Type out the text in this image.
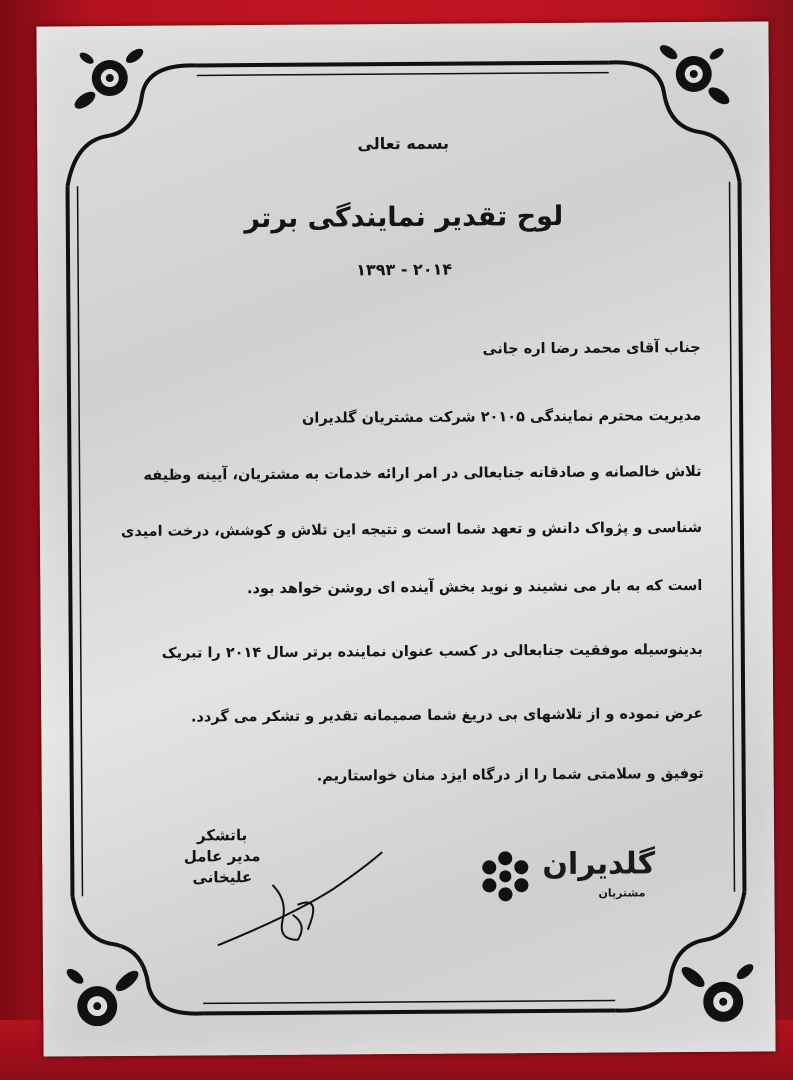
بسمه تعالی
لوح تقدیر نمایندگی برتر
۲۰۱۴ - ۱۳۹۳
جناب آقای محمد رضا اره جانی
مدیریت محترم نمایندگی ۲۰۱۰۵ شرکت مشتریان گلدیران
تلاش خالصانه و صادقانه جنابعالی در امر ارائه خدمات به مشتریان، آیینه وظیفه
شناسی و پژواک دانش و تعهد شما است و نتیجه این تلاش و کوشش، درخت امیدی
است که به بار می نشیند و نوید بخش آینده ای روشن خواهد بود.
بدینوسیله موفقیت جنابعالی در کسب عنوان نماینده برتر سال ۲۰۱۴ را تبریک
عرض نموده و از تلاشهای بی دریغ شما صمیمانه تقدیر و تشکر می گردد.
توفیق و سلامتی شما را از درگاه ایزد منان خواستاریم.
باتشکر
مدیر عامل
علیخانی	گلدیران
مشتریان
